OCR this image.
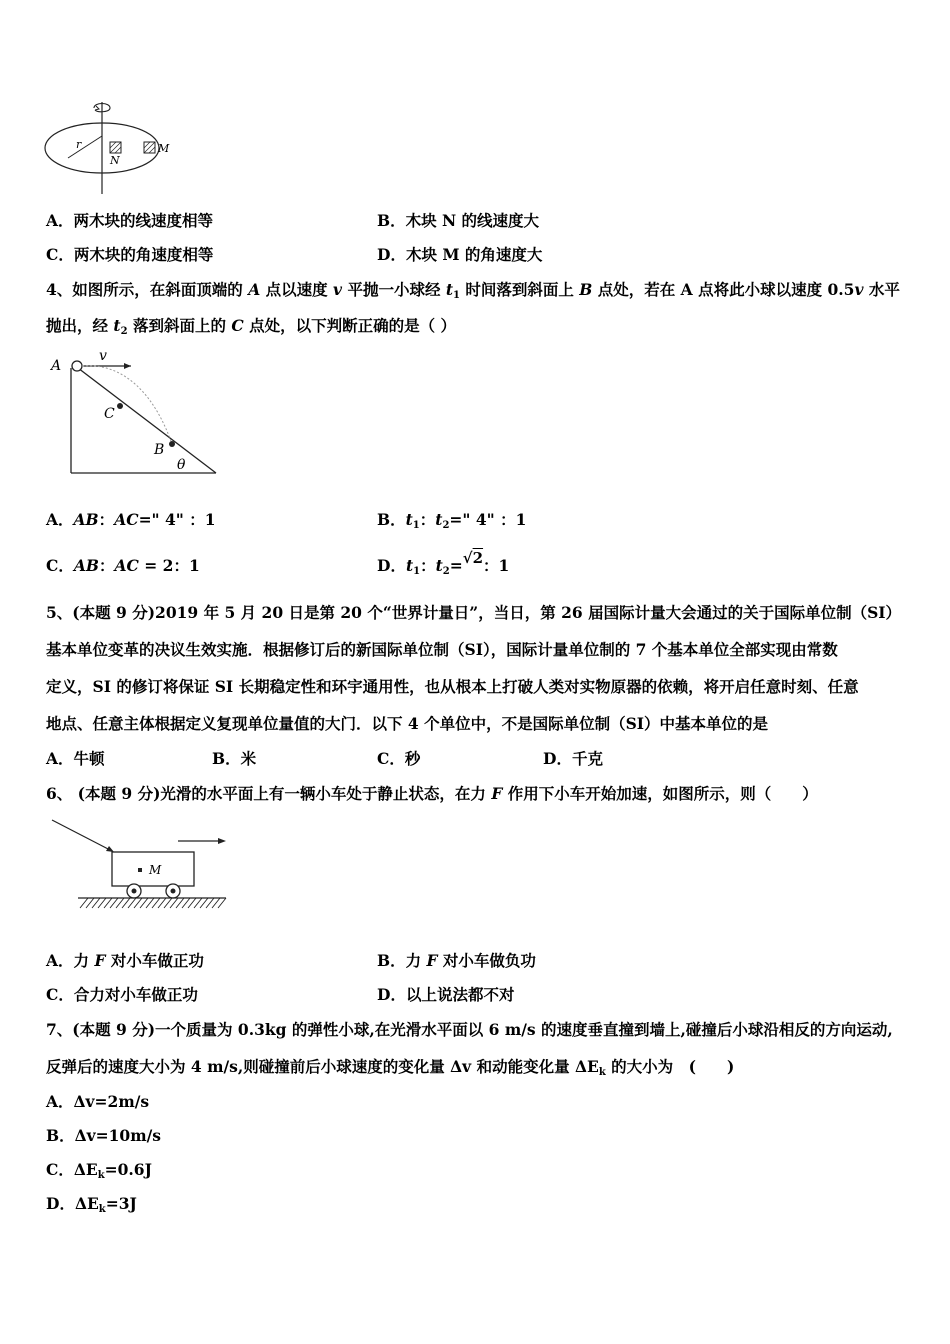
r
N
M
A．两木块的线速度相等	B．木块 N 的线速度大
C．两木块的角速度相等	D．木块 M 的角速度大
4、如图所示，在斜面顶端的 A 点以速度 v 平抛一小球经 $t_1$ 时间落到斜面上 B 点处，若在 A 点将此小球以速度 0.5v 水平
抛出，经 $t_2$ 落到斜面上的 C 点处，以下判断正确的是（ ）
A
v
C
B
θ
A．AB：AC=" 4" ：1	B．$t_1$：$t_2=$" 4" ：1
C．AB：AC = 2：1	D．$t_1$：$t_2=√2$：1
5、(本题 9 分)2019 年 5 月 20 日是第 20 个“世界计量日”，当日，第 26 届国际计量大会通过的关于国际单位制（SI）
基本单位变革的决议生效实施．根据修订后的新国际单位制（SI），国际计量单位制的 7 个基本单位全部实现由常数
定义，SI 的修订将保证 SI 长期稳定性和环宇通用性，也从根本上打破人类对实物原器的依赖，将开启任意时刻、任意
地点、任意主体根据定义复现单位量值的大门．以下 4 个单位中，不是国际单位制（SI）中基本单位的是
A．牛顿	B．米	C．秒	D．千克
6、 (本题 9 分)光滑的水平面上有一辆小车处于静止状态，在力 F 作用下小车开始加速，如图所示，则（　　）
M
A．力 F 对小车做正功	B．力 F 对小车做负功
C．合力对小车做正功	D．以上说法都不对
7、(本题 9 分)一个质量为 0.3kg 的弹性小球,在光滑水平面以 6 m/s 的速度垂直撞到墙上,碰撞后小球沿相反的方向运动,
反弹后的速度大小为 4 m/s,则碰撞前后小球速度的变化量 Δv 和动能变化量 $\Delta E_k$ 的大小为　(　　)
A．Δv=2m/s
B．Δv=10m/s
C．$\Delta E_k=0.6J$
D．$\Delta E_k=3J$
